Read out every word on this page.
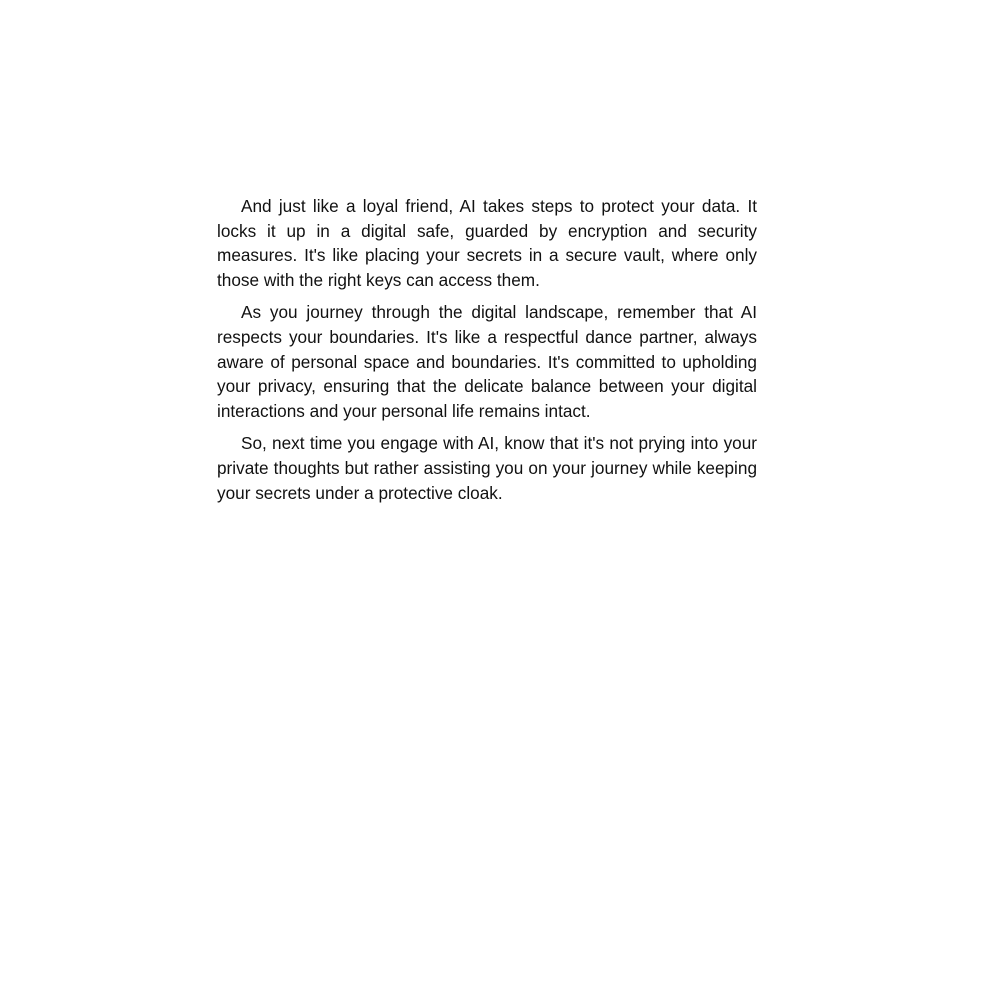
And just like a loyal friend, AI takes steps to protect your data. It locks it up in a digital safe, guarded by encryption and security measures. It's like placing your secrets in a secure vault, where only those with the right keys can access them.

As you journey through the digital landscape, remember that AI respects your boundaries. It's like a respectful dance partner, always aware of personal space and boundaries. It's committed to upholding your privacy, ensuring that the delicate balance between your digital interactions and your personal life remains intact.

So, next time you engage with AI, know that it's not prying into your private thoughts but rather assisting you on your journey while keeping your secrets under a protective cloak.
